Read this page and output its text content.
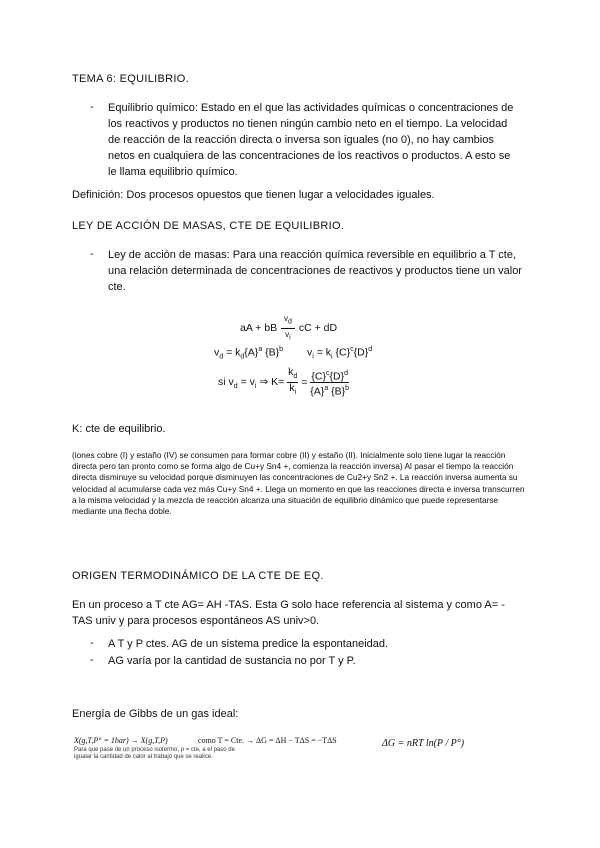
TEMA 6: EQUILIBRIO.
- Equilibrio químico: Estado en el que las actividades químicas o concentraciones de los reactivos y productos no tienen ningún cambio neto en el tiempo. La velocidad de reacción de la reacción directa o inversa son iguales (no 0), no hay cambios netos en cualquiera de las concentraciones de los reactivos o productos. A esto se le llama equilibrio químico.
Definición: Dos procesos opuestos que tienen lugar a velocidades iguales.
LEY DE ACCIÓN DE MASAS, CTE DE EQUILIBRIO.
- Ley de acción de masas: Para una reacción química reversible en equilibrio a T cte, una relación determinada de concentraciones de reactivos y productos tiene un valor cte.
aA + bB $\frac{v_d}{v_i}$ cC + dD
$v_d = k_d\{A\}^a$ $\{B\}^b$ $v_i = k_i$ $\{C\}^c\{D\}^d$
si $v_d = v_i$ ⇒ $K= \frac{k_d}{k_i} = \frac{\{C\}^c\{D\}^d}{\{A\}^a \{B\}^b}$
K: cte de equilibrio.
(iones cobre (I) y estaño (IV) se consumen para formar cobre (II) y estaño (II). Inicialmente solo tiene lugar la reacción directa pero tan pronto como se forma algo de Cu+y Sn4 +, comienza la reacción inversa) Al pasar el tiempo la reacción directa disminuye su velocidad porque disminuyen las concentraciones de Cu2+y Sn2 +. La reacción inversa aumenta su velocidad al acumularse cada vez más Cu+y Sn4 +. Llega un momento en que las reacciones directa e inversa transcurren a la misma velocidad y la mezcla de reacción alcanza una situación de equilibrio dinámico que puede representarse mediante una flecha doble.
ORIGEN TERMODINÁMICO DE LA CTE DE EQ.
En un proceso a T cte AG= AH -TAS. Esta G solo hace referencia al sistema y como A= -TAS univ y para procesos espontáneos AS univ>0.
- A T y P ctes. AG de un sistema predice la espontaneidad.
- AG varía por la cantidad de sustancia no por T y P.
Energía de Gibbs de un gas ideal:
X(g,T,P° = 1bar) → X(g,T,P)	como T = Cte. → ΔG = ΔH − TΔS = −TΔS
Para que pase de un proceso isotermo, p = cte, a el paso de
igualar la cantidad de calor al trabajo que se realice.
ΔG = nRT ln(P / P°)
